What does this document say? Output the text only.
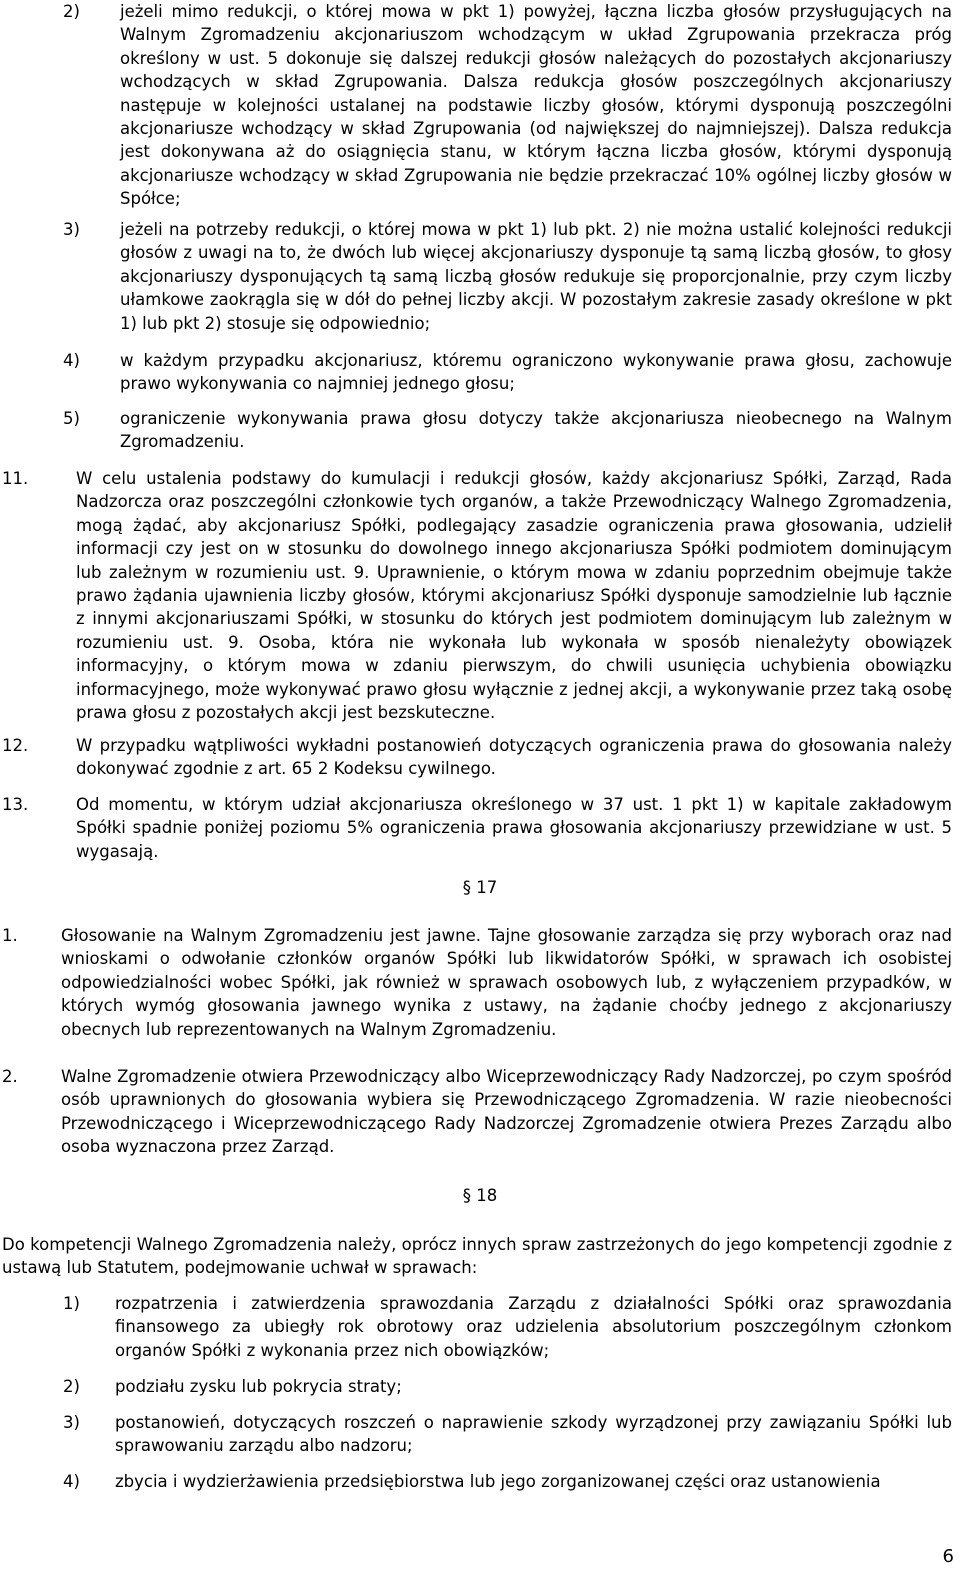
2)	jeżeli mimo redukcji, o której mowa w pkt 1) powyżej, łączna liczba głosów przysługujących na Walnym Zgromadzeniu akcjonariuszom wchodzącym w układ Zgrupowania przekracza próg określony w ust. 5 dokonuje się dalszej redukcji głosów należących do pozostałych akcjonariuszy wchodzących w skład Zgrupowania. Dalsza redukcja głosów poszczególnych akcjonariuszy następuje w kolejności ustalanej na podstawie liczby głosów, którymi dysponują poszczególni akcjonariusze wchodzący w skład Zgrupowania (od największej do najmniejszej). Dalsza redukcja jest dokonywana aż do osiągnięcia stanu, w którym łączna liczba głosów, którymi dysponują akcjonariusze wchodzący w skład Zgrupowania nie będzie przekraczać 10% ogólnej liczby głosów w Spółce;
3)	jeżeli na potrzeby redukcji, o której mowa w pkt 1) lub pkt. 2) nie można ustalić kolejności redukcji głosów z uwagi na to, że dwóch lub więcej akcjonariuszy dysponuje tą samą liczbą głosów, to głosy akcjonariuszy dysponujących tą samą liczbą głosów redukuje się proporcjonalnie, przy czym liczby ułamkowe zaokrągla się w dół do pełnej liczby akcji. W pozostałym zakresie zasady określone w pkt 1) lub pkt 2) stosuje się odpowiednio;
4)	w każdym przypadku akcjonariusz, któremu ograniczono wykonywanie prawa głosu, zachowuje prawo wykonywania co najmniej jednego głosu;
5)	ograniczenie wykonywania prawa głosu dotyczy także akcjonariusza nieobecnego na Walnym Zgromadzeniu.
11.	W celu ustalenia podstawy do kumulacji i redukcji głosów, każdy akcjonariusz Spółki, Zarząd, Rada Nadzorcza oraz poszczególni członkowie tych organów, a także Przewodniczący Walnego Zgromadzenia, mogą żądać, aby akcjonariusz Spółki, podlegający zasadzie ograniczenia prawa głosowania, udzielił informacji czy jest on w stosunku do dowolnego innego akcjonariusza Spółki podmiotem dominującym lub zależnym w rozumieniu ust. 9. Uprawnienie, o którym mowa w zdaniu poprzednim obejmuje także prawo żądania ujawnienia liczby głosów, którymi akcjonariusz Spółki dysponuje samodzielnie lub łącznie z innymi akcjonariuszami Spółki, w stosunku do których jest podmiotem dominującym lub zależnym w rozumieniu ust. 9. Osoba, która nie wykonała lub wykonała w sposób nienależyty obowiązek informacyjny, o którym mowa w zdaniu pierwszym, do chwili usunięcia uchybienia obowiązku informacyjnego, może wykonywać prawo głosu wyłącznie z jednej akcji, a wykonywanie przez taką osobę prawa głosu z pozostałych akcji jest bezskuteczne.
12.	W przypadku wątpliwości wykładni postanowień dotyczących ograniczenia prawa do głosowania należy dokonywać zgodnie z art. 65 2 Kodeksu cywilnego.
13.	Od momentu, w którym udział akcjonariusza określonego w 37 ust. 1 pkt 1) w kapitale zakładowym Spółki spadnie poniżej poziomu 5% ograniczenia prawa głosowania akcjonariuszy przewidziane w ust. 5 wygasają.
§ 17
1.	Głosowanie na Walnym Zgromadzeniu jest jawne. Tajne głosowanie zarządza się przy wyborach oraz nad wnioskami o odwołanie członków organów Spółki lub likwidatorów Spółki, w sprawach ich osobistej odpowiedzialności wobec Spółki, jak również w sprawach osobowych lub, z wyłączeniem przypadków, w których wymóg głosowania jawnego wynika z ustawy, na żądanie choćby jednego z akcjonariuszy obecnych lub reprezentowanych na Walnym Zgromadzeniu.
2.	Walne Zgromadzenie otwiera Przewodniczący albo Wiceprzewodniczący Rady Nadzorczej, po czym spośród osób uprawnionych do głosowania wybiera się Przewodniczącego Zgromadzenia. W razie nieobecności Przewodniczącego i Wiceprzewodniczącego Rady Nadzorczej Zgromadzenie otwiera Prezes Zarządu albo osoba wyznaczona przez Zarząd.
§ 18
Do kompetencji Walnego Zgromadzenia należy, oprócz innych spraw zastrzeżonych do jego kompetencji zgodnie z ustawą lub Statutem, podejmowanie uchwał w sprawach:
1)	rozpatrzenia i zatwierdzenia sprawozdania Zarządu z działalności Spółki oraz sprawozdania finansowego za ubiegły rok obrotowy oraz udzielenia absolutorium poszczególnym członkom organów Spółki z wykonania przez nich obowiązków;
2)	podziału zysku lub pokrycia straty;
3)	postanowień, dotyczących roszczeń o naprawienie szkody wyrządzonej przy zawiązaniu Spółki lub sprawowaniu zarządu albo nadzoru;
4)	zbycia i wydzierżawienia przedsiębiorstwa lub jego zorganizowanej części oraz ustanowienia
6
